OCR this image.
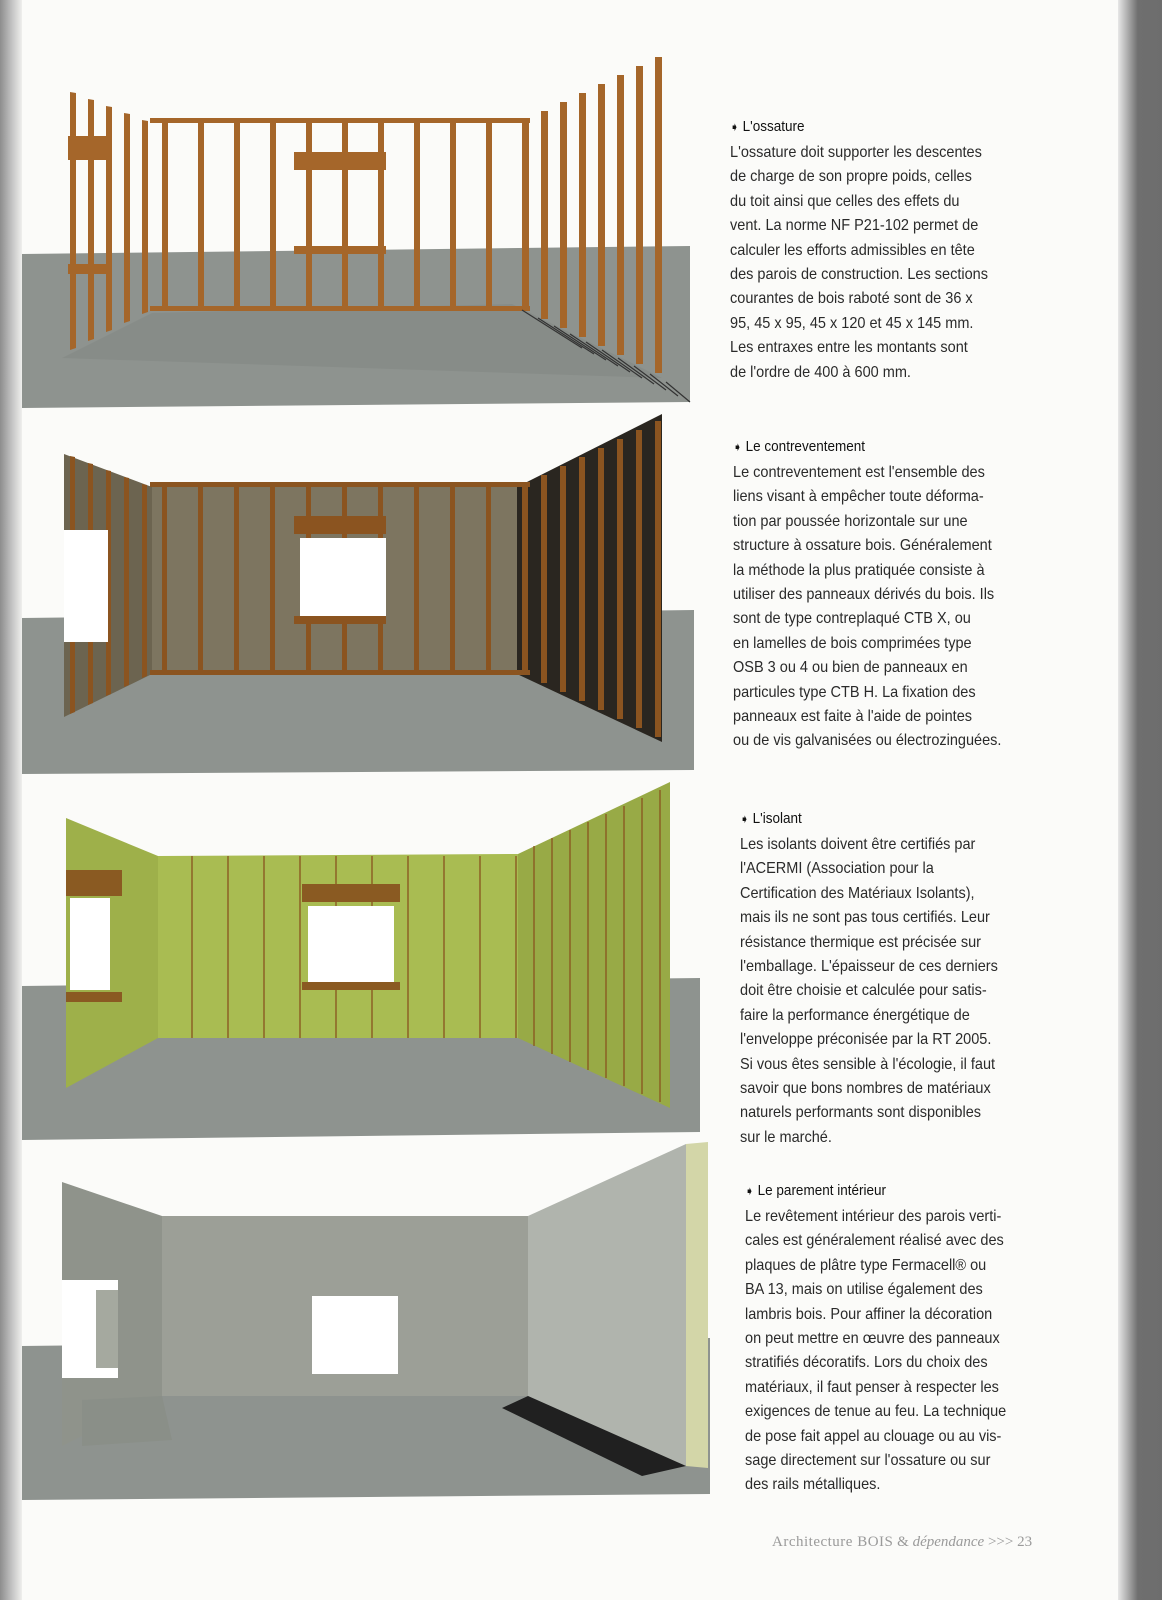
➧ L'ossature
L'ossature doit supporter les descentes
de charge de son propre poids, celles
du toit ainsi que celles des effets du
vent. La norme NF P21-102 permet de
calculer les efforts admissibles en tête
des parois de construction. Les sections
courantes de bois raboté sont de 36 x
95, 45 x 95, 45 x 120 et 45 x 145 mm.
Les entraxes entre les montants sont
de l'ordre de 400 à 600 mm.
➧ Le contreventement
Le contreventement est l'ensemble des
liens visant à empêcher toute déforma-
tion par poussée horizontale sur une
structure à ossature bois. Généralement
la méthode la plus pratiquée consiste à
utiliser des panneaux dérivés du bois. Ils
sont de type contreplaqué CTB X, ou
en lamelles de bois comprimées type
OSB 3 ou 4 ou bien de panneaux en
particules type CTB H. La fixation des
panneaux est faite à l'aide de pointes
ou de vis galvanisées ou électrozinguées.
➧ L'isolant
Les isolants doivent être certifiés par
l'ACERMI (Association pour la
Certification des Matériaux Isolants),
mais ils ne sont pas tous certifiés. Leur
résistance thermique est précisée sur
l'emballage. L'épaisseur de ces derniers
doit être choisie et calculée pour satis-
faire la performance énergétique de
l'enveloppe préconisée par la RT 2005.
Si vous êtes sensible à l'écologie, il faut
savoir que bons nombres de matériaux
naturels performants sont disponibles
sur le marché.
➧ Le parement intérieur
Le revêtement intérieur des parois verti-
cales est généralement réalisé avec des
plaques de plâtre type Fermacell® ou
BA 13, mais on utilise également des
lambris bois. Pour affiner la décoration
on peut mettre en œuvre des panneaux
stratifiés décoratifs. Lors du choix des
matériaux, il faut penser à respecter les
exigences de tenue au feu. La technique
de pose fait appel au clouage ou au vis-
sage directement sur l'ossature ou sur
des rails métalliques.
Architecture BOIS & dépendance >>> 23
